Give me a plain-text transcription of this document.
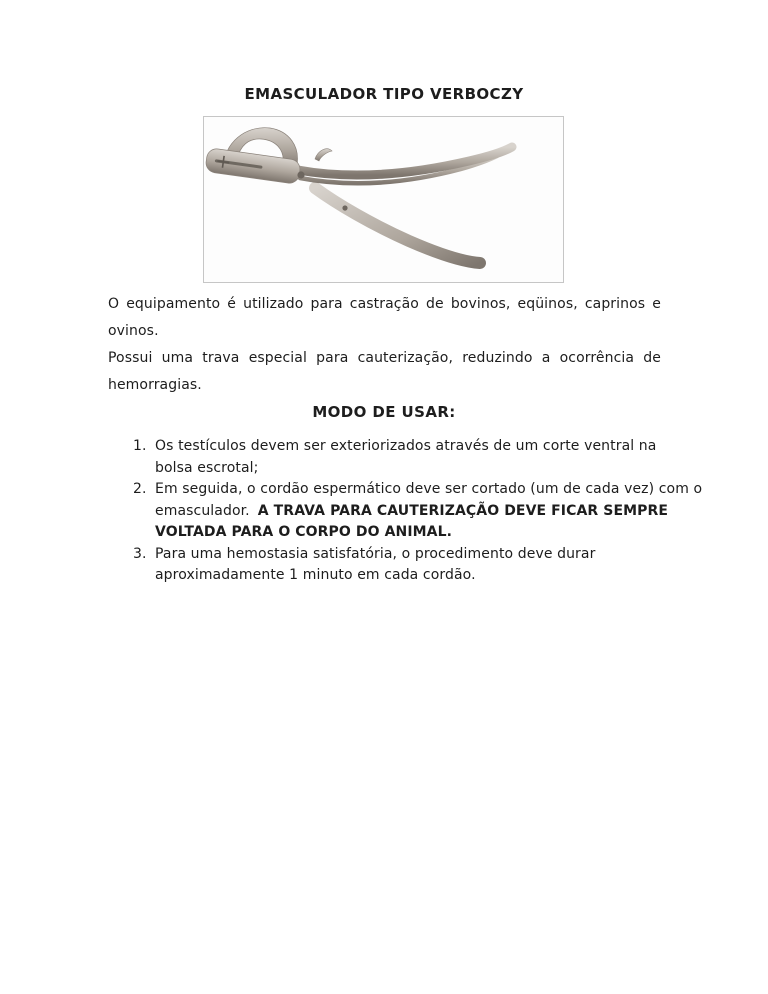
EMASCULADOR TIPO VERBOCZY
O equipamento é utilizado para castração de bovinos, eqüinos, caprinos e ovinos.
Possui uma trava especial para cauterização, reduzindo a ocorrência de
hemorragias.
MODO DE USAR:
1. Os testículos devem ser exteriorizados através de um corte ventral na
bolsa escrotal;
2. Em seguida, o cordão espermático deve ser cortado (um de cada vez) com o
emasculador. A TRAVA PARA CAUTERIZAÇÃO DEVE FICAR SEMPRE
VOLTADA PARA O CORPO DO ANIMAL.
3. Para uma hemostasia satisfatória, o procedimento deve durar
aproximadamente 1 minuto em cada cordão.
